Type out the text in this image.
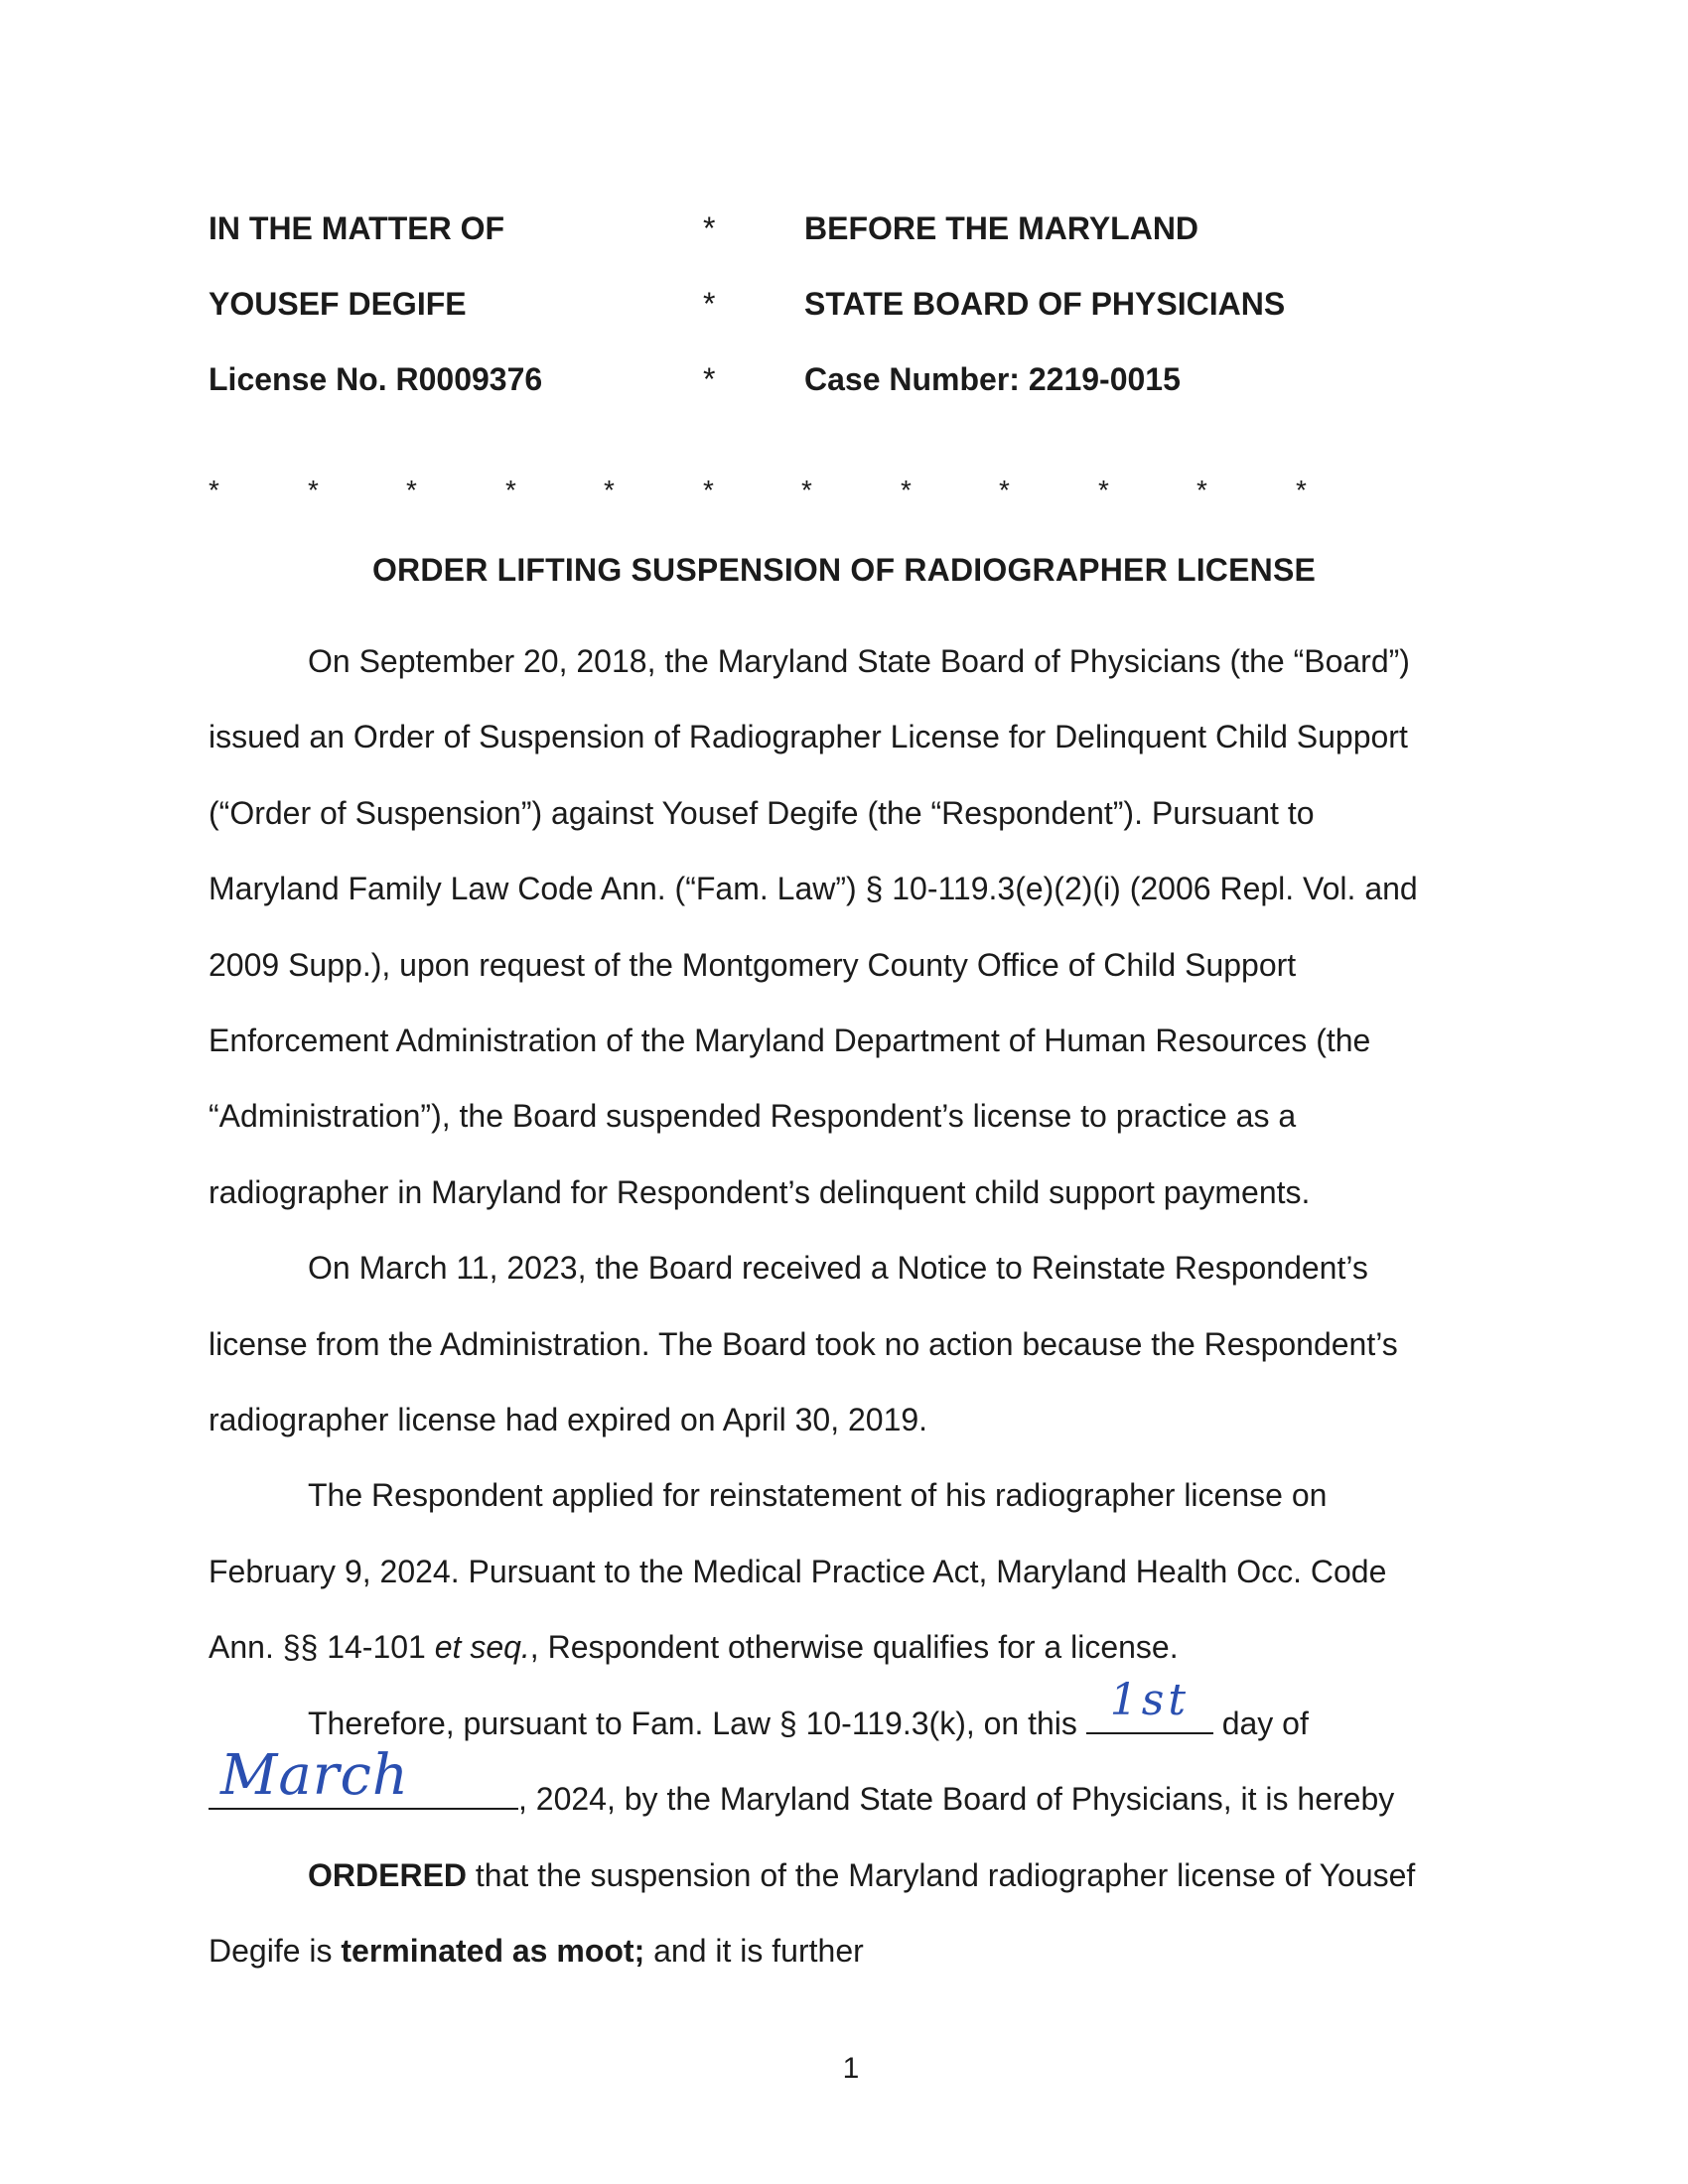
IN THE MATTER OF	*	BEFORE THE MARYLAND
YOUSEF DEGIFE	*	STATE BOARD OF PHYSICIANS
License No. R0009376	*	Case Number: 2219-0015
*	*	*	*	*	*	*	*	*	*	*	*
ORDER LIFTING SUSPENSION OF RADIOGRAPHER LICENSE
On September 20, 2018, the Maryland State Board of Physicians (the “Board”)
issued an Order of Suspension of Radiographer License for Delinquent Child Support
(“Order of Suspension”) against Yousef Degife (the “Respondent”). Pursuant to
Maryland Family Law Code Ann. (“Fam. Law”) § 10-119.3(e)(2)(i) (2006 Repl. Vol. and
2009 Supp.), upon request of the Montgomery County Office of Child Support
Enforcement Administration of the Maryland Department of Human Resources (the
“Administration”), the Board suspended Respondent’s license to practice as a
radiographer in Maryland for Respondent’s delinquent child support payments.
On March 11, 2023, the Board received a Notice to Reinstate Respondent’s
license from the Administration. The Board took no action because the Respondent’s
radiographer license had expired on April 30, 2019.
The Respondent applied for reinstatement of his radiographer license on
February 9, 2024. Pursuant to the Medical Practice Act, Maryland Health Occ. Code
Ann. §§ 14-101 et seq., Respondent otherwise qualifies for a license.
Therefore, pursuant to Fam. Law § 10-119.3(k), on this 1st day of
March	, 2024, by the Maryland State Board of Physicians, it is hereby
ORDERED that the suspension of the Maryland radiographer license of Yousef
Degife is terminated as moot; and it is further
1
